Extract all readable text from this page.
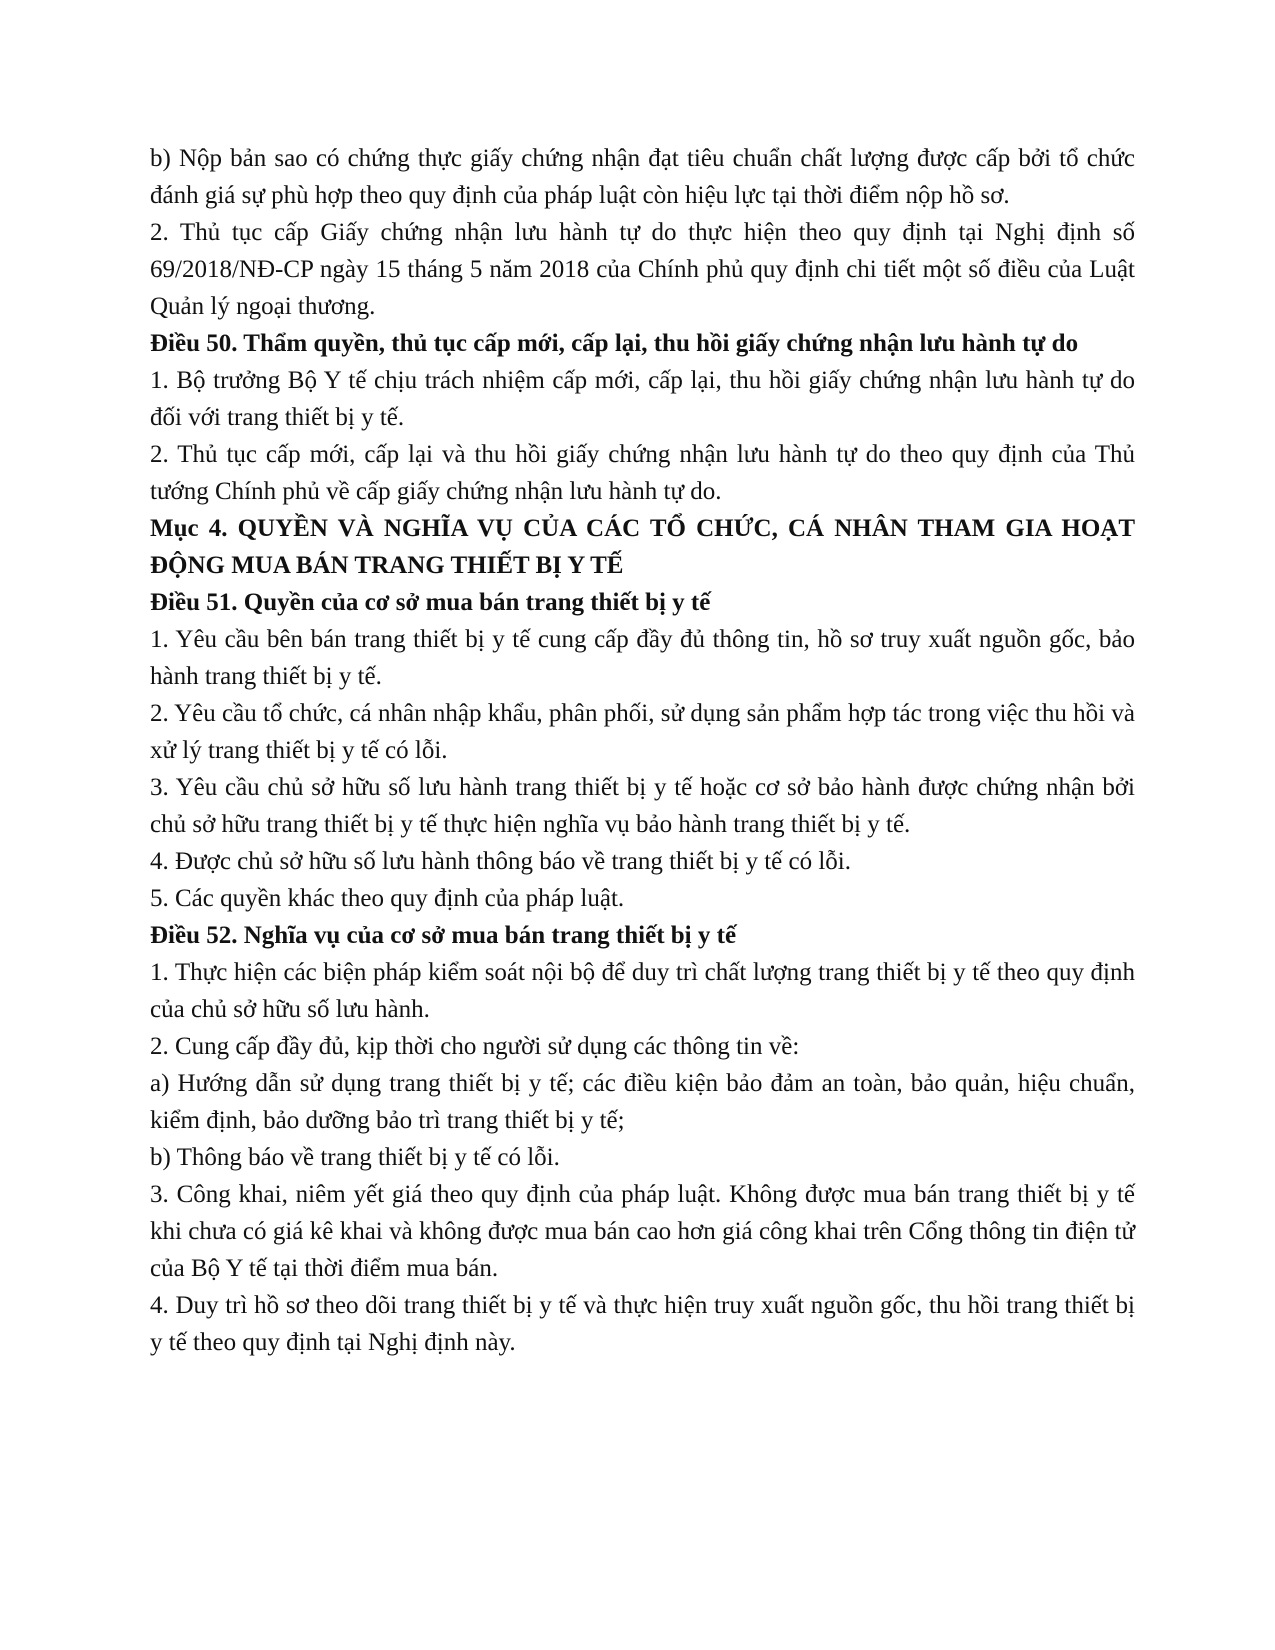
b) Nộp bản sao có chứng thực giấy chứng nhận đạt tiêu chuẩn chất lượng được cấp bởi tổ chức đánh giá sự phù hợp theo quy định của pháp luật còn hiệu lực tại thời điểm nộp hồ sơ.

2. Thủ tục cấp Giấy chứng nhận lưu hành tự do thực hiện theo quy định tại Nghị định số 69/2018/NĐ-CP ngày 15 tháng 5 năm 2018 của Chính phủ quy định chi tiết một số điều của Luật Quản lý ngoại thương.

Điều 50. Thẩm quyền, thủ tục cấp mới, cấp lại, thu hồi giấy chứng nhận lưu hành tự do

1. Bộ trưởng Bộ Y tế chịu trách nhiệm cấp mới, cấp lại, thu hồi giấy chứng nhận lưu hành tự do đối với trang thiết bị y tế.

2. Thủ tục cấp mới, cấp lại và thu hồi giấy chứng nhận lưu hành tự do theo quy định của Thủ tướng Chính phủ về cấp giấy chứng nhận lưu hành tự do.

Mục 4. QUYỀN VÀ NGHĨA VỤ CỦA CÁC TỔ CHỨC, CÁ NHÂN THAM GIA HOẠT ĐỘNG MUA BÁN TRANG THIẾT BỊ Y TẾ

Điều 51. Quyền của cơ sở mua bán trang thiết bị y tế

1. Yêu cầu bên bán trang thiết bị y tế cung cấp đầy đủ thông tin, hồ sơ truy xuất nguồn gốc, bảo hành trang thiết bị y tế.

2. Yêu cầu tổ chức, cá nhân nhập khẩu, phân phối, sử dụng sản phẩm hợp tác trong việc thu hồi và xử lý trang thiết bị y tế có lỗi.

3. Yêu cầu chủ sở hữu số lưu hành trang thiết bị y tế hoặc cơ sở bảo hành được chứng nhận bởi chủ sở hữu trang thiết bị y tế thực hiện nghĩa vụ bảo hành trang thiết bị y tế.

4. Được chủ sở hữu số lưu hành thông báo về trang thiết bị y tế có lỗi.

5. Các quyền khác theo quy định của pháp luật.

Điều 52. Nghĩa vụ của cơ sở mua bán trang thiết bị y tế

1. Thực hiện các biện pháp kiểm soát nội bộ để duy trì chất lượng trang thiết bị y tế theo quy định của chủ sở hữu số lưu hành.

2. Cung cấp đầy đủ, kịp thời cho người sử dụng các thông tin về:

a) Hướng dẫn sử dụng trang thiết bị y tế; các điều kiện bảo đảm an toàn, bảo quản, hiệu chuẩn, kiểm định, bảo dưỡng bảo trì trang thiết bị y tế;

b) Thông báo về trang thiết bị y tế có lỗi.

3. Công khai, niêm yết giá theo quy định của pháp luật. Không được mua bán trang thiết bị y tế khi chưa có giá kê khai và không được mua bán cao hơn giá công khai trên Cổng thông tin điện tử của Bộ Y tế tại thời điểm mua bán.

4. Duy trì hồ sơ theo dõi trang thiết bị y tế và thực hiện truy xuất nguồn gốc, thu hồi trang thiết bị y tế theo quy định tại Nghị định này.
